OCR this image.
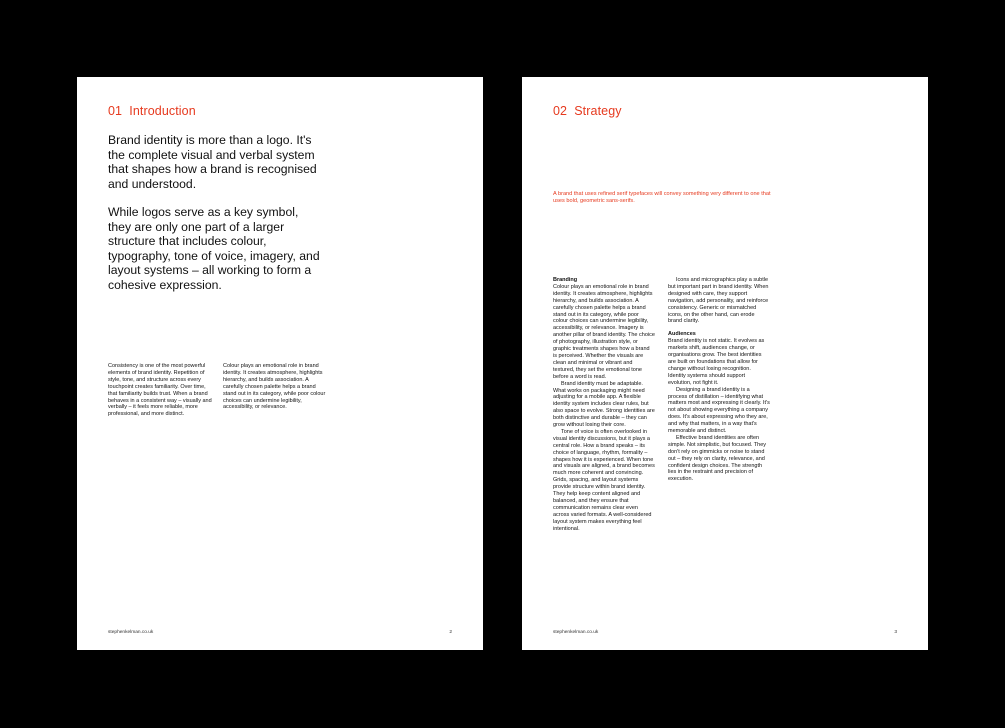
01  Introduction

Brand identity is more than a logo. It's the complete visual and verbal system that shapes how a brand is recognised and understood.

While logos serve as a key symbol, they are only one part of a larger structure that includes colour, typography, tone of voice, imagery, and layout systems – all working to form a cohesive expression.

Consistency is one of the most powerful elements of brand identity. Repetition of style, tone, and structure across every touchpoint creates familiarity. Over time, that familiarity builds trust. When a brand behaves in a consistent way – visually and verbally – it feels more reliable, more professional, and more distinct.

Colour plays an emotional role in brand identity. It creates atmosphere, highlights hierarchy, and builds association. A carefully chosen palette helps a brand stand out in its category, while poor colour choices can undermine legibility, accessibility, or relevance.

stephenkelman.co.uk	2
02  Strategy

A brand that uses refined serif typefaces will convey something very different to one that uses bold, geometric sans-serifs.

Branding

Colour plays an emotional role in brand identity. It creates atmosphere, highlights hierarchy, and builds association. A carefully chosen palette helps a brand stand out in its category, while poor colour choices can undermine legibility, accessibility, or relevance. Imagery is another pillar of brand identity. The choice of photography, illustration style, or graphic treatments shapes how a brand is perceived. Whether the visuals are clean and minimal or vibrant and textured, they set the emotional tone before a word is read.

Brand identity must be adaptable. What works on packaging might need adjusting for a mobile app. A flexible identity system includes clear rules, but also space to evolve. Strong identities are both distinctive and durable – they can grow without losing their core.

Tone of voice is often overlooked in visual identity discussions, but it plays a central role. How a brand speaks – its choice of language, rhythm, formality – shapes how it is experienced. When tone and visuals are aligned, a brand becomes much more coherent and convincing. Grids, spacing, and layout systems provide structure within brand identity. They help keep content aligned and balanced, and they ensure that communication remains clear even across varied formats. A well-considered layout system makes everything feel intentional.

Icons and micrographics play a subtle but important part in brand identity. When designed with care, they support navigation, add personality, and reinforce consistency. Generic or mismatched icons, on the other hand, can erode brand clarity.

Audiences

Brand identity is not static. It evolves as markets shift, audiences change, or organisations grow. The best identities are built on foundations that allow for change without losing recognition. Identity systems should support evolution, not fight it.

Designing a brand identity is a process of distillation – identifying what matters most and expressing it clearly. It's not about showing everything a company does. It's about expressing who they are, and why that matters, in a way that's memorable and distinct.

Effective brand identities are often simple. Not simplistic, but focused. They don't rely on gimmicks or noise to stand out – they rely on clarity, relevance, and confident design choices. The strength lies in the restraint and precision of execution.

stephenkelman.co.uk	3
